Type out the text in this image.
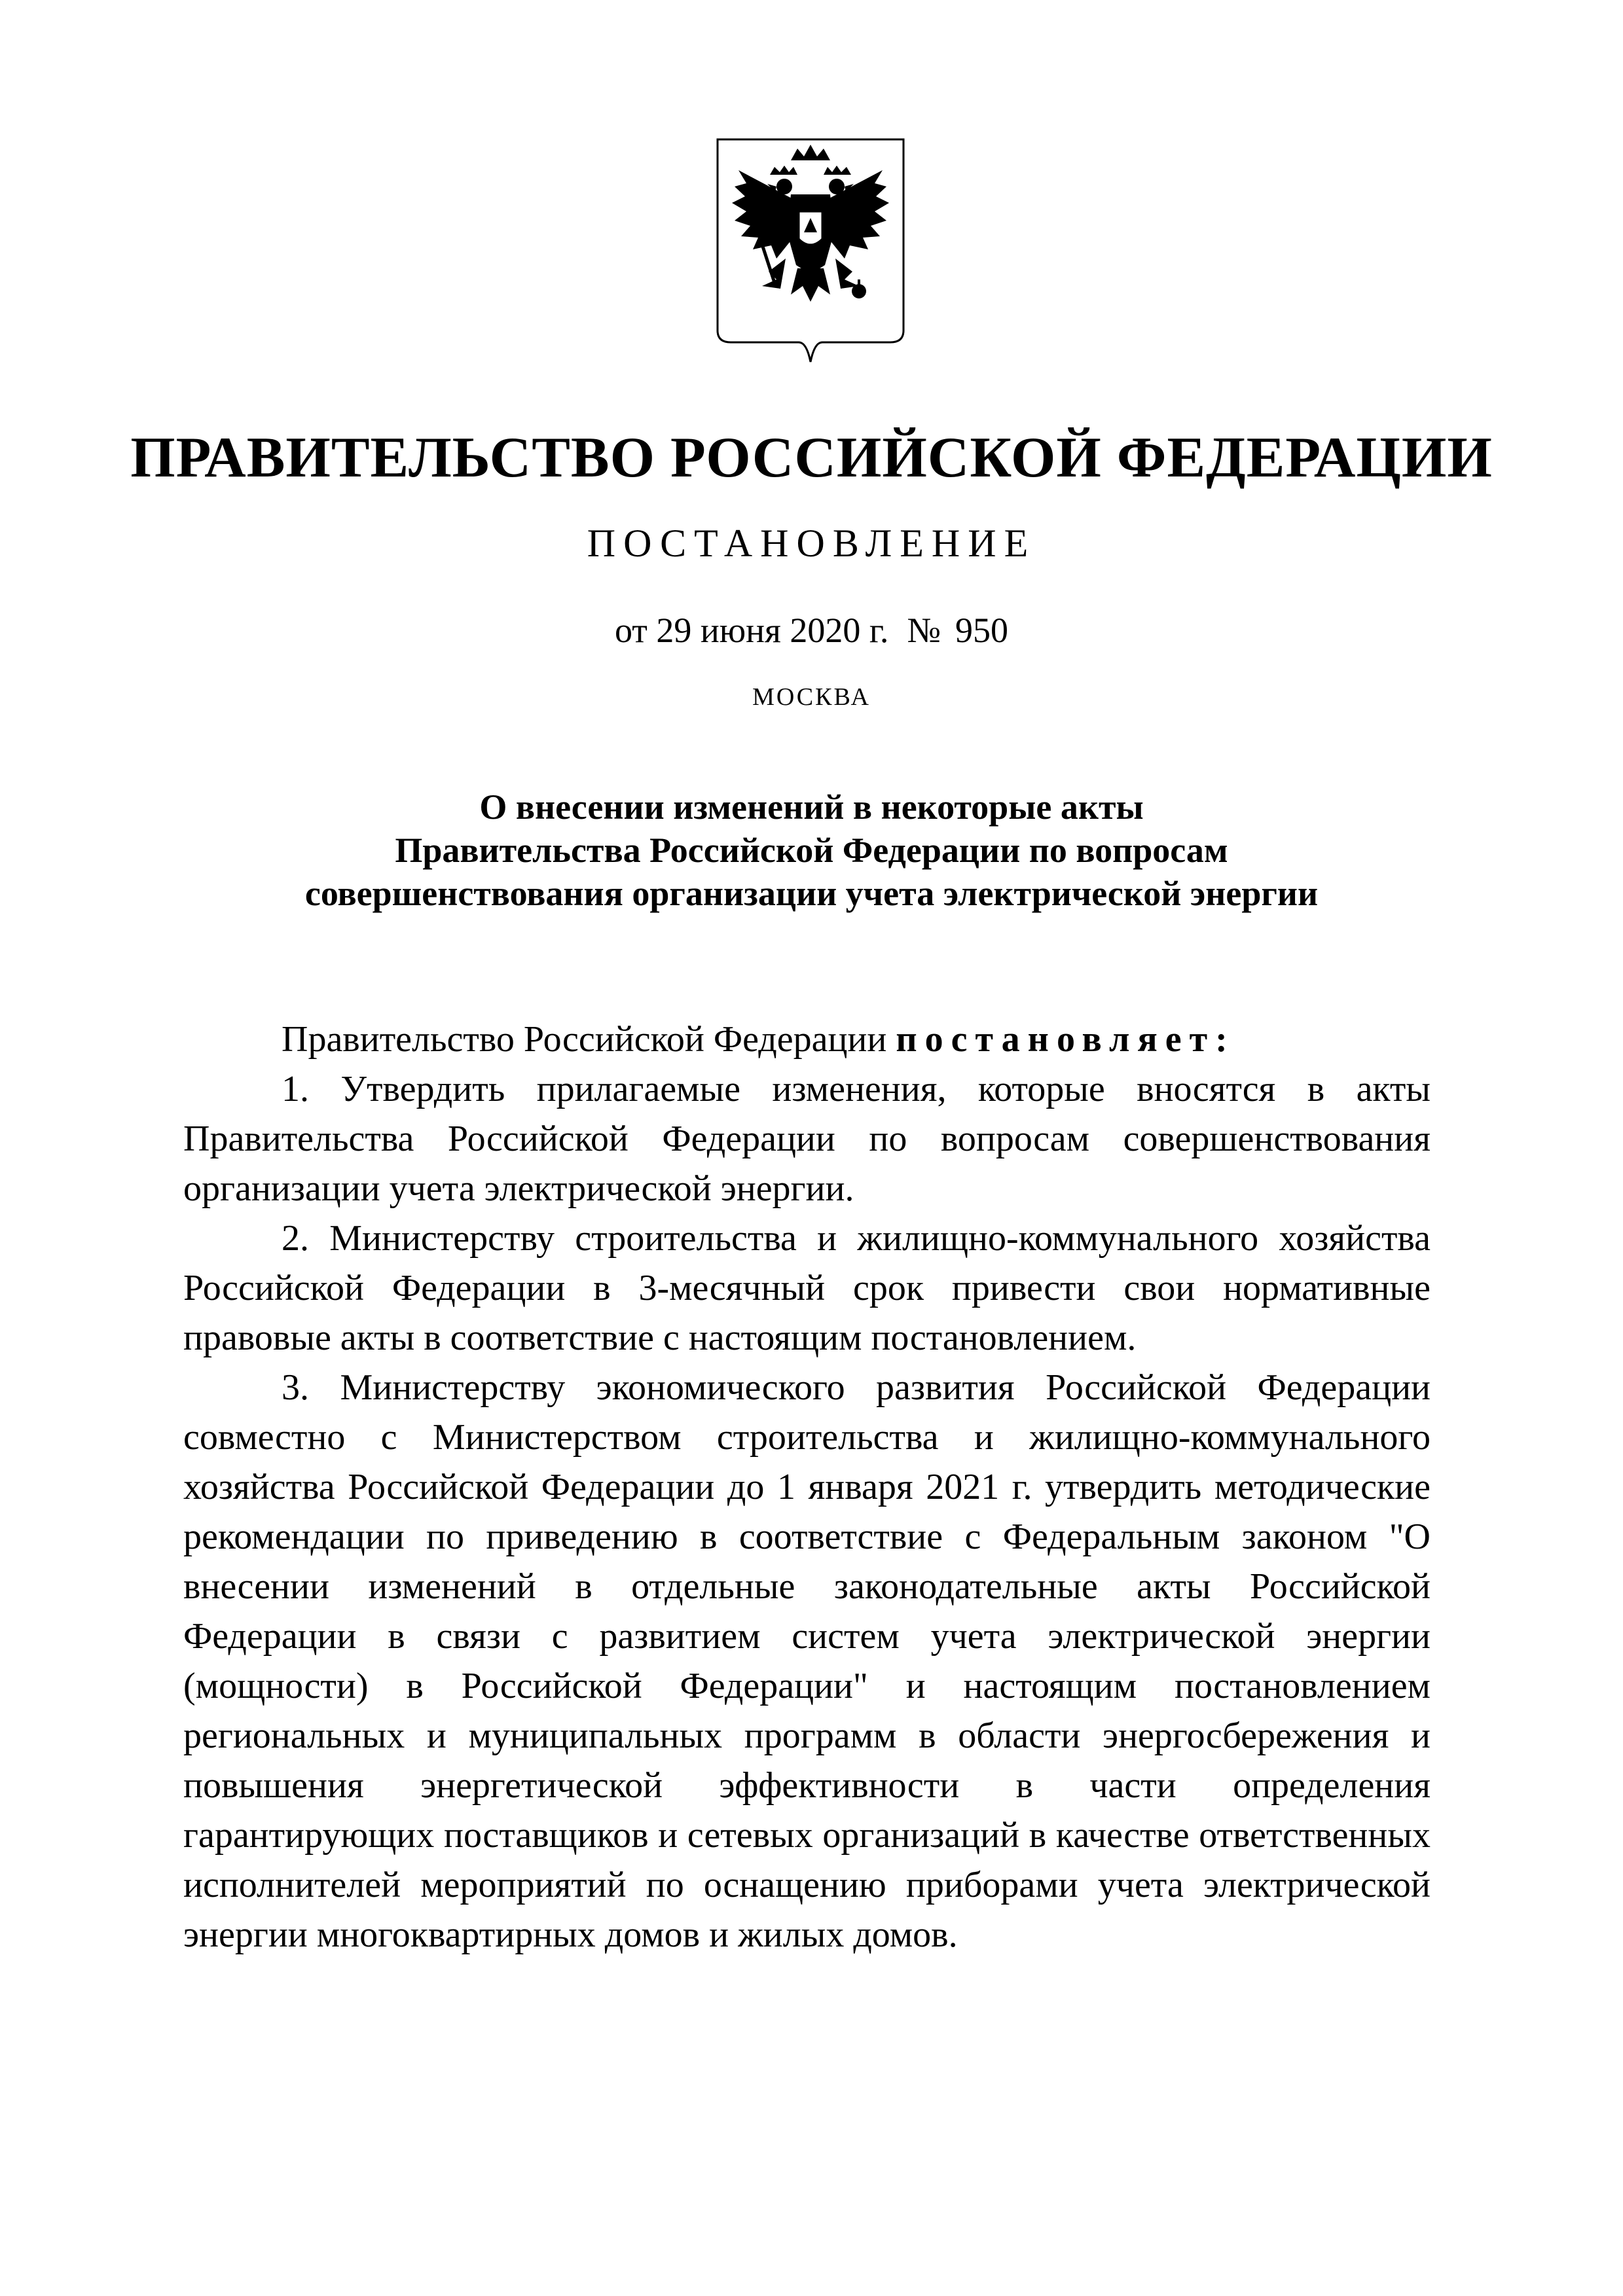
ПРАВИТЕЛЬСТВО РОССИЙСКОЙ ФЕДЕРАЦИИ
ПОСТАНОВЛЕНИЕ
от 29 июня 2020 г. № 950
МОСКВА
О внесении изменений в некоторые акты
Правительства Российской Федерации по вопросам
совершенствования организации учета электрической энергии

Правительство Российской Федерации постановляет:

1. Утвердить прилагаемые изменения, которые вносятся в акты Правительства Российской Федерации по вопросам совершенствования организации учета электрической энергии.

2. Министерству строительства и жилищно-коммунального хозяйства Российской Федерации в 3-месячный срок привести свои нормативные правовые акты в соответствие с настоящим постановлением.

3. Министерству экономического развития Российской Федерации совместно с Министерством строительства и жилищно-коммунального хозяйства Российской Федерации до 1 января 2021 г. утвердить методические рекомендации по приведению в соответствие с Федеральным законом "О внесении изменений в отдельные законодательные акты Российской Федерации в связи с развитием систем учета электрической энергии (мощности) в Российской Федерации" и настоящим постановлением региональных и муниципальных программ в области энергосбережения и повышения энергетической эффективности в части определения гарантирующих поставщиков и сетевых организаций в качестве ответственных исполнителей мероприятий по оснащению приборами учета электрической энергии многоквартирных домов и жилых домов.
